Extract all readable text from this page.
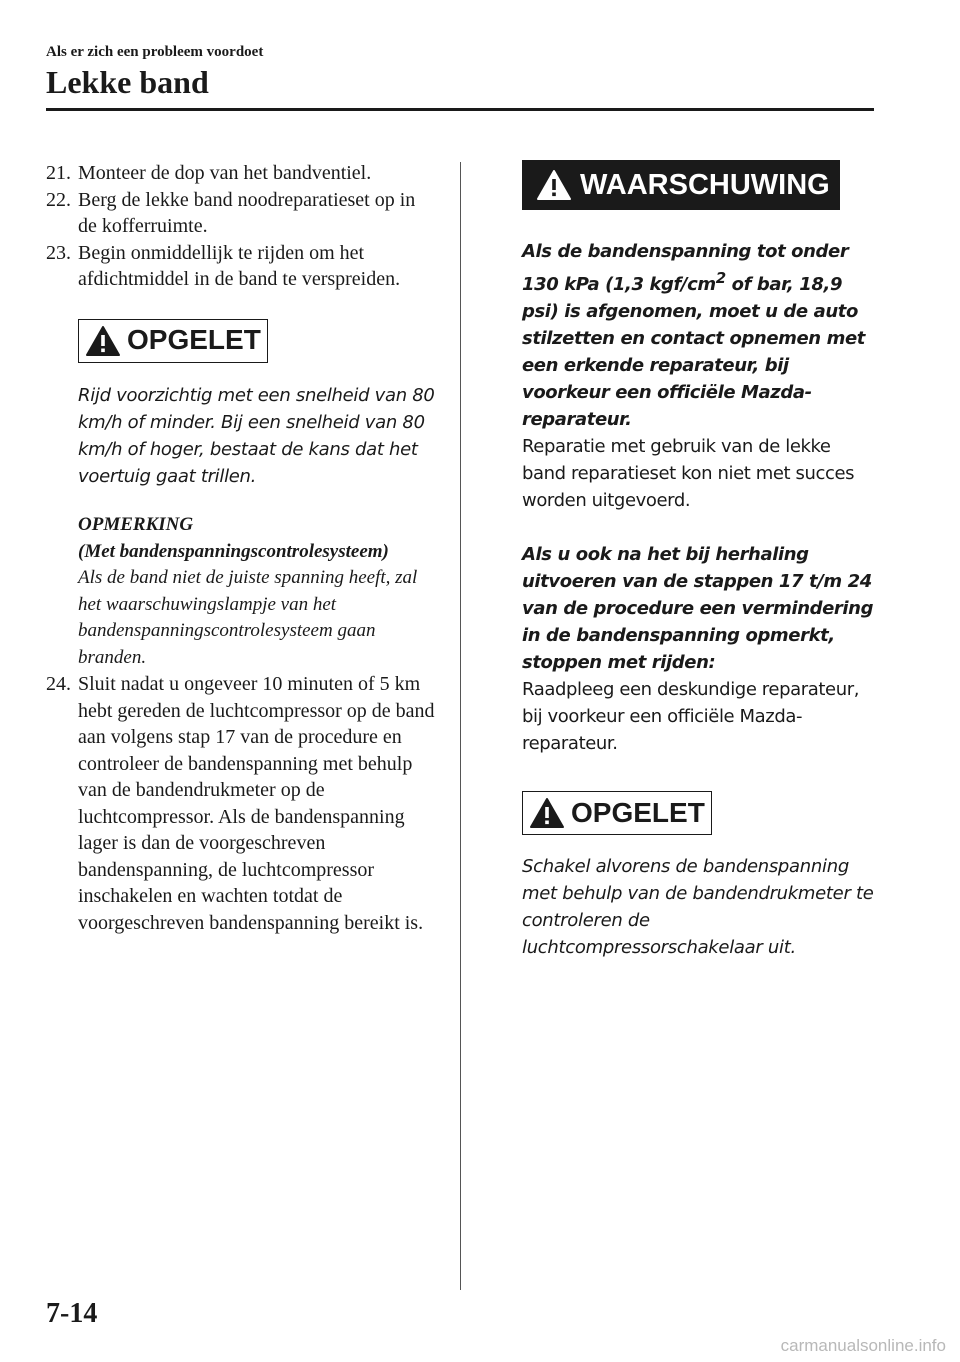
Als er zich een probleem voordoet
Lekke band
21. Monteer de dop van het bandventiel.
22. Berg de lekke band noodreparatieset op in de kofferruimte.
23. Begin onmiddellijk te rijden om het afdichtmiddel in de band te verspreiden.
OPGELET
Rijd voorzichtig met een snelheid van 80 km/h of minder. Bij een snelheid van 80 km/h of hoger, bestaat de kans dat het voertuig gaat trillen.
OPMERKING
(Met bandenspanningscontrolesysteem)
Als de band niet de juiste spanning heeft, zal het waarschuwingslampje van het bandenspanningscontrolesysteem gaan branden.
24. Sluit nadat u ongeveer 10 minuten of 5 km hebt gereden de luchtcompressor op de band aan volgens stap 17 van de procedure en controleer de bandenspanning met behulp van de bandendrukmeter op de luchtcompressor. Als de bandenspanning lager is dan de voorgeschreven bandenspanning, de luchtcompressor inschakelen en wachten totdat de voorgeschreven bandenspanning bereikt is.
WAARSCHUWING
Als de bandenspanning tot onder 130 kPa (1,3 kgf/$cm^2$ of bar, 18,9 psi) is afgenomen, moet u de auto stilzetten en contact opnemen met een erkende reparateur, bij voorkeur een officiële Mazda-reparateur.
Reparatie met gebruik van de lekke band reparatieset kon niet met succes worden uitgevoerd.
Als u ook na het bij herhaling uitvoeren van de stappen 17 t/m 24 van de procedure een vermindering in de bandenspanning opmerkt, stoppen met rijden:
Raadpleeg een deskundige reparateur, bij voorkeur een officiële Mazda-reparateur.
OPGELET
Schakel alvorens de bandenspanning met behulp van de bandendrukmeter te controleren de luchtcompressorschakelaar uit.
7-14
carmanualsonline.info
